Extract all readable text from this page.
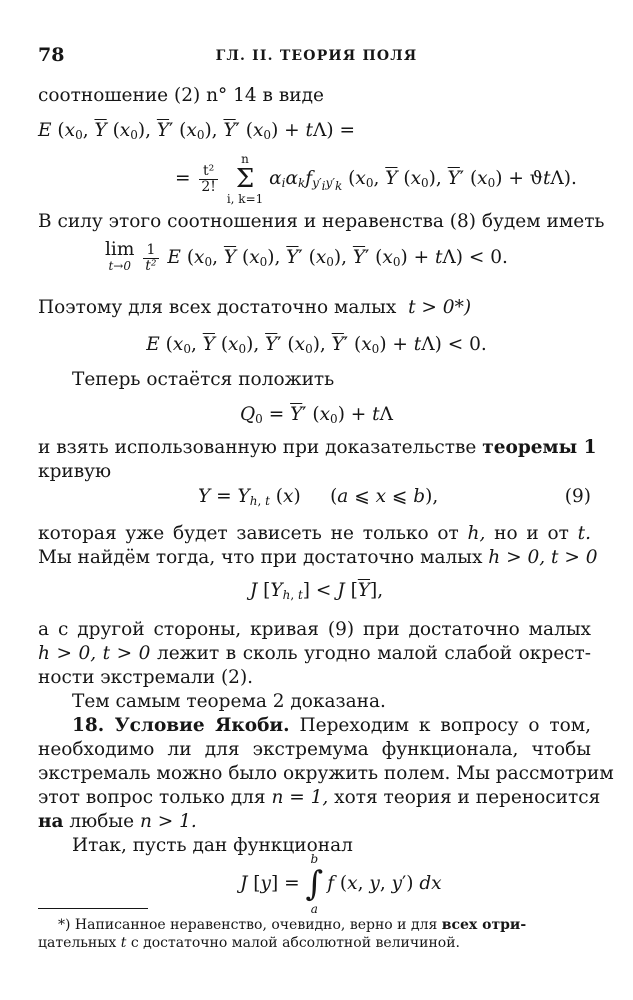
78	ГЛ. II. ТЕОРИЯ ПОЛЯ
соотношение (2) n° 14 в виде
E ($x_0$, $\overline{Y}$ $(x_0)$, $\overline{Y}'$ $(x_0)$, $\overline{Y}'$ $(x_0) + t\Lambda$) =
= $\frac{\text{t²}}{2!}$

n
Σ
i, k=1
$\alpha_i\alpha_kf_{y'_iy'_k}$ ($x_0$, $\overline{Y}$ $(x_0)$, $\overline{Y}'$ $(x_0) + ϑt\Lambda$).
В силу этого соотношения и неравенства (8) будем иметь
lim
t→0
$\frac{1}{\text{t²}}$ E ($x_0$, $\overline{Y}$ $(x_0)$, $\overline{Y}'$ $(x_0)$, $\overline{Y}'$ $(x_0) + t\Lambda) < 0$.
Поэтому для всех достаточно малых t > 0*)
E ($x_0$, $\overline{Y}$ $(x_0)$, $\overline{Y}'$ $(x_0)$, $\overline{Y}'$ $(x_0) + t\Lambda) < 0$.
Теперь остаётся положить
$Q_0 = \overline{Y}'$ $(x_0) + t\Lambda$
и взять использованную при доказательстве теоремы 1
кривую
$Y = Y_{h, t}$ (x)     (a ⩽ x ⩽ b),	(9)
которая уже будет зависеть не только от h, но и от t.
Мы найдём тогда, что при достаточно малых h > 0, t > 0
J $[Y_{h, t}] < J$ $[\overline{Y}]$,
а с другой стороны, кривая (9) при достаточно малых
h > 0, t > 0 лежит в сколь угодно малой слабой окрест-
ности экстремали (2).
Тем самым теорема 2 доказана.
18. Условие Якоби. Переходим к вопросу о том,
необходимо ли для экстремума функционала, чтобы
экстремаль можно было окружить полем. Мы рассмотрим
этот вопрос только для n = 1, хотя теория и переносится
на любые n > 1.
Итак, пусть дан функционал
J [y] =
b
∫
a
f (x, y, y′) dx
*) Написанное неравенство, очевидно, верно и для всех отри-
цательных t с достаточно малой абсолютной величиной.
